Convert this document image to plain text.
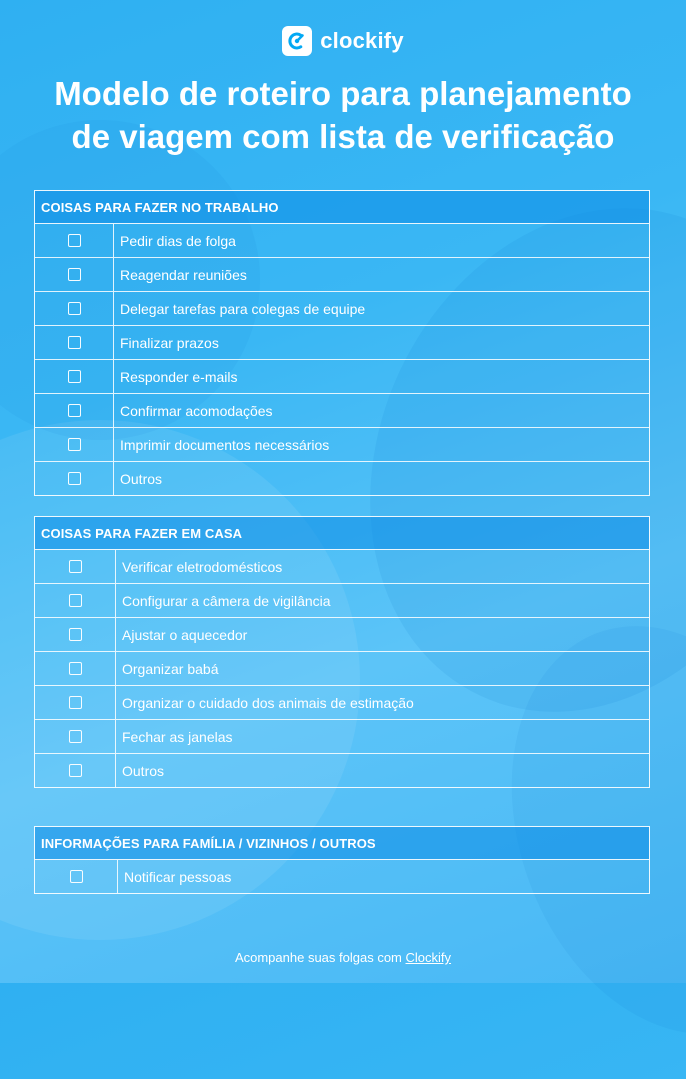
clockify
Modelo de roteiro para planejamento
de viagem com lista de verificação
COISAS PARA FAZER NO TRABALHO
Pedir dias de folga
Reagendar reuniões
Delegar tarefas para colegas de equipe
Finalizar prazos
Responder e-mails
Confirmar acomodações
Imprimir documentos necessários
Outros
COISAS PARA FAZER EM CASA
Verificar eletrodomésticos
Configurar a câmera de vigilância
Ajustar o aquecedor
Organizar babá
Organizar o cuidado dos animais de estimação
Fechar as janelas
Outros
INFORMAÇÕES PARA FAMÍLIA / VIZINHOS / OUTROS
Notificar pessoas
Acompanhe suas folgas com Clockify
